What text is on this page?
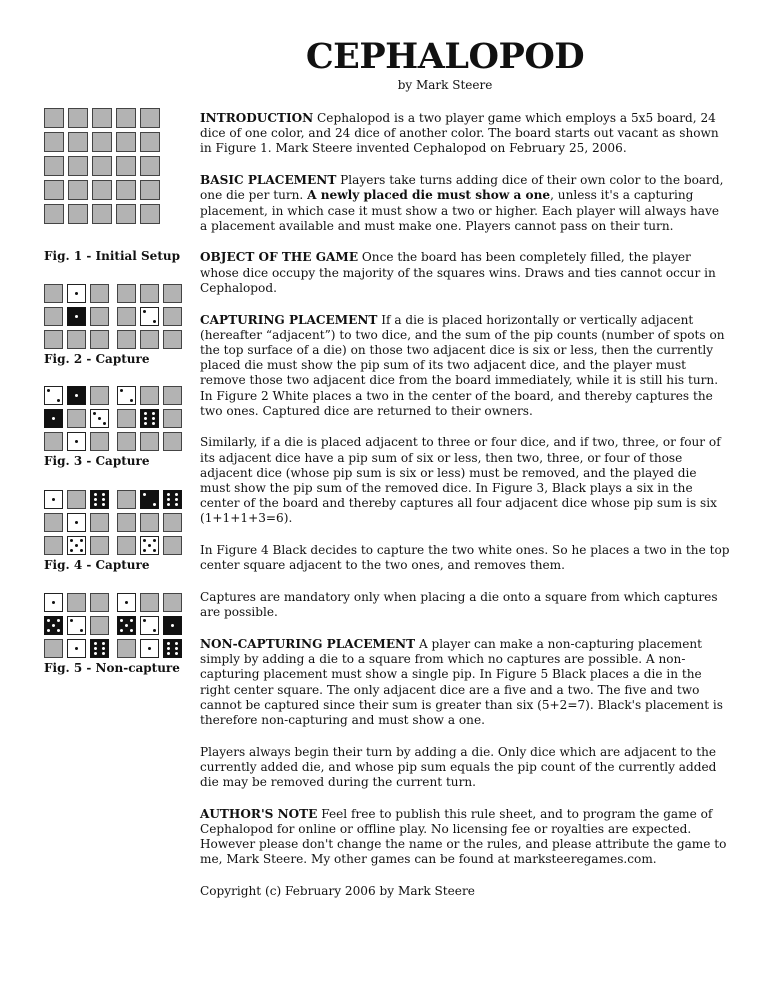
CEPHALOPOD
by Mark Steere
Fig. 1 - Initial Setup
Fig. 2 - Capture
Fig. 3 - Capture
Fig. 4 - Capture
Fig. 5 - Non-capture

INTRODUCTION Cephalopod is a two player game which employs a 5x5 board, 24 dice of one color, and 24 dice of another color. The board starts out vacant as shown in Figure 1. Mark Steere invented Cephalopod on February 25, 2006.

BASIC PLACEMENT Players take turns adding dice of their own color to the board, one die per turn. A newly placed die must show a one, unless it's a capturing placement, in which case it must show a two or higher. Each player will always have a placement available and must make one. Players cannot pass on their turn.

OBJECT OF THE GAME Once the board has been completely filled, the player whose dice occupy the majority of the squares wins. Draws and ties cannot occur in Cephalopod.

CAPTURING PLACEMENT If a die is placed horizontally or vertically adjacent (hereafter “adjacent”) to two dice, and the sum of the pip counts (number of spots on the top surface of a die) on those two adjacent dice is six or less, then the currently placed die must show the pip sum of its two adjacent dice, and the player must remove those two adjacent dice from the board immediately, while it is still his turn. In Figure 2 White places a two in the center of the board, and thereby captures the two ones. Captured dice are returned to their owners.

Similarly, if a die is placed adjacent to three or four dice, and if two, three, or four of its adjacent dice have a pip sum of six or less, then two, three, or four of those adjacent dice (whose pip sum is six or less) must be removed, and the played die must show the pip sum of the removed dice. In Figure 3, Black plays a six in the center of the board and thereby captures all four adjacent dice whose pip sum is six (1+1+1+3=6).

In Figure 4 Black decides to capture the two white ones. So he places a two in the top center square adjacent to the two ones, and removes them.

Captures are mandatory only when placing a die onto a square from which captures are possible.

NON-CAPTURING PLACEMENT A player can make a non-capturing placement simply by adding a die to a square from which no captures are possible. A non-capturing placement must show a single pip. In Figure 5 Black places a die in the right center square. The only adjacent dice are a five and a two. The five and two cannot be captured since their sum is greater than six (5+2=7). Black's placement is therefore non-capturing and must show a one.

Players always begin their turn by adding a die. Only dice which are adjacent to the currently added die, and whose pip sum equals the pip count of the currently added die may be removed during the current turn.

AUTHOR'S NOTE Feel free to publish this rule sheet, and to program the game of Cephalopod for online or offline play. No licensing fee or royalties are expected. However please don't change the name or the rules, and please attribute the game to me, Mark Steere. My other games can be found at marksteeregames.com.

Copyright (c) February 2006 by Mark Steere
